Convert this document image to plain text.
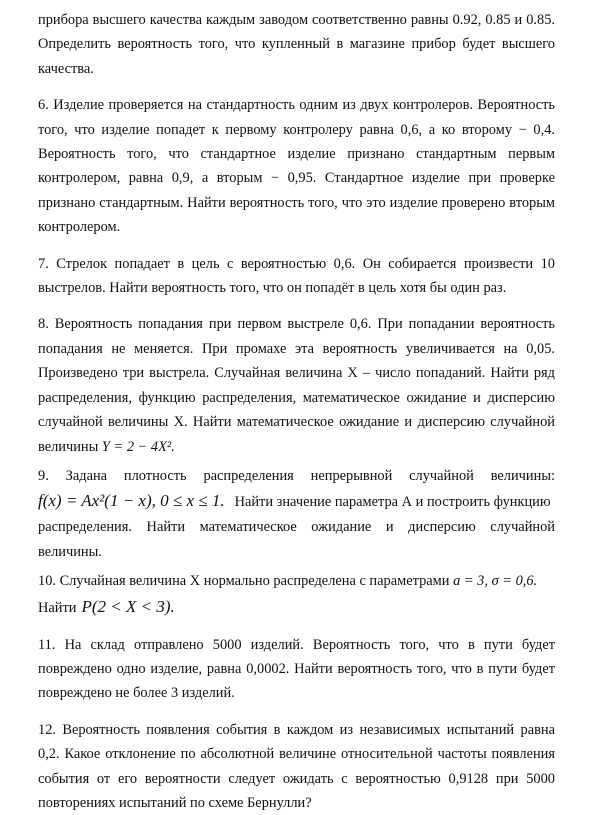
прибора высшего качества каждым заводом соответственно равны 0.92, 0.85 и 0.85. Определить вероятность того, что купленный в магазине прибор будет высшего качества.

6. Изделие проверяется на стандартность одним из двух контролеров. Вероятность того, что изделие попадет к первому контролеру равна 0,6, а ко второму − 0,4. Вероятность того, что стандартное изделие признано стандартным первым контролером, равна 0,9, а вторым − 0,95. Стандартное изделие при проверке признано стандартным. Найти вероятность того, что это изделие проверено вторым контролером.

7. Стрелок попадает в цель с вероятностью 0,6. Он собирается произвести 10 выстрелов. Найти вероятность того, что он попадёт в цель хотя бы один раз.

8. Вероятность попадания при первом выстреле 0,6. При попадании вероятность попадания не меняется. При промахе эта вероятность увеличивается на 0,05. Произведено три выстрела. Случайная величина X – число попаданий. Найти ряд распределения, функцию распределения, математическое ожидание и дисперсию случайной величины X. Найти математическое ожидание и дисперсию случайной величины Y = 2 − 4X².

9. Задана плотность распределения непрерывной случайной величины:

f(x) = Ax²(1 − x), 0 ≤ x ≤ 1. Найти значение параметра А и построить функцию

распределения. Найти математическое ожидание и дисперсию случайной величины.

10. Случайная величина X нормально распределена с параметрами a = 3, σ = 0,6.

Найти P(2 < X < 3).

11. На склад отправлено 5000 изделий. Вероятность того, что в пути будет повреждено одно изделие, равна 0,0002. Найти вероятность того, что в пути будет повреждено не более 3 изделий.

12. Вероятность появления события в каждом из независимых испытаний равна 0,2. Какое отклонение по абсолютной величине относительной частоты появления события от его вероятности следует ожидать с вероятностью 0,9128 при 5000 повторениях испытаний по схеме Бернулли?
